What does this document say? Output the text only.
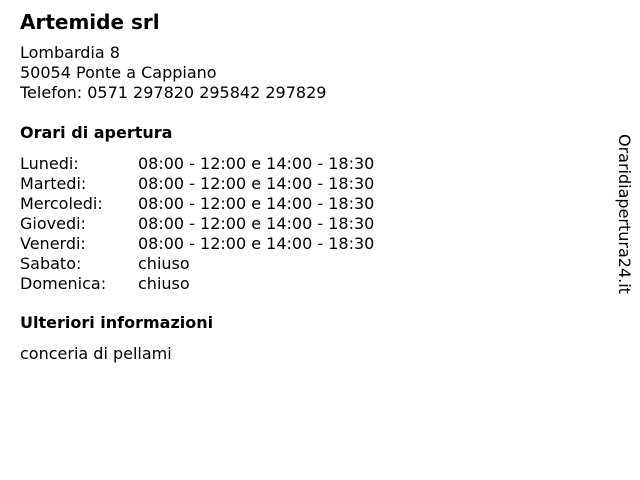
Artemide srl
Lombardia 8
50054 Ponte a Cappiano
Telefon: 0571 297820 295842 297829
Orari di apertura
Lunedi:	08:00 - 12:00 e 14:00 - 18:30
Martedi:	08:00 - 12:00 e 14:00 - 18:30
Mercoledi: 08:00 - 12:00 e 14:00 - 18:30
Giovedi:	08:00 - 12:00 e 14:00 - 18:30
Venerdi:	08:00 - 12:00 e 14:00 - 18:30
Sabato:	chiuso
Domenica: chiuso
Ulteriori informazioni
conceria di pellami
Oraridiapertura24.it
